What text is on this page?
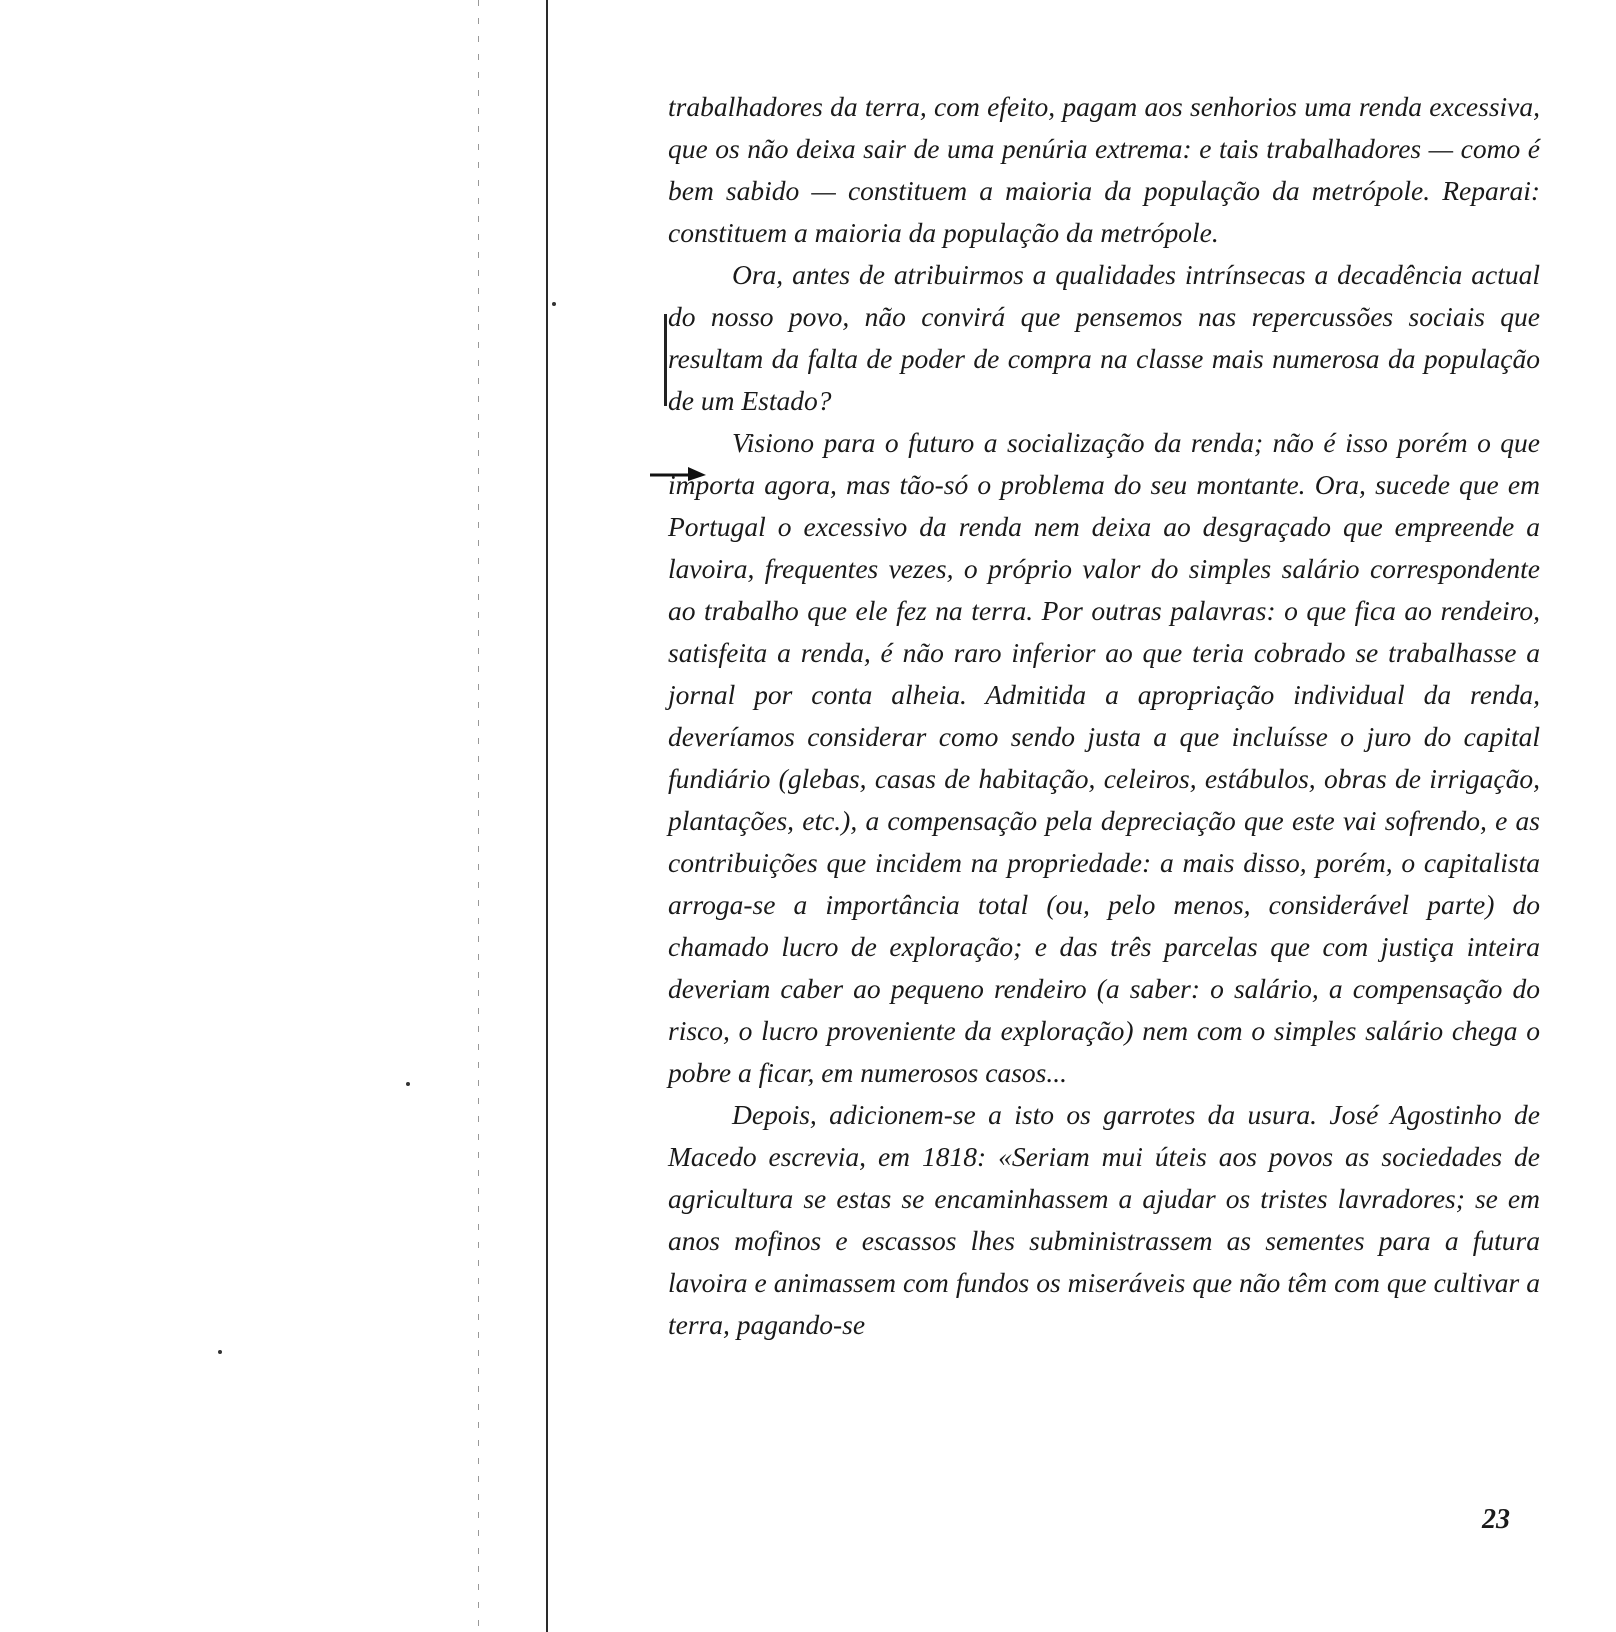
trabalhadores da terra, com efeito, pagam aos senhorios uma renda excessiva, que os não deixa sair de uma penúria extrema: e tais trabalhadores — como é bem sabido — constituem a maioria da população da metrópole. Reparai: constituem a maioria da população da metrópole.

Ora, antes de atribuirmos a qualidades intrínsecas a decadência actual do nosso povo, não convirá que pensemos nas repercussões sociais que resultam da falta de poder de compra na classe mais numerosa da população de um Estado?

Visiono para o futuro a socialização da renda; não é isso porém o que importa agora, mas tão-só o problema do seu montante. Ora, sucede que em Portugal o excessivo da renda nem deixa ao desgraçado que empreende a lavoira, frequentes vezes, o próprio valor do simples salário correspondente ao trabalho que ele fez na terra. Por outras palavras: o que fica ao rendeiro, satisfeita a renda, é não raro inferior ao que teria cobrado se trabalhasse a jornal por conta alheia. Admitida a apropriação individual da renda, deveríamos considerar como sendo justa a que incluísse o juro do capital fundiário (glebas, casas de habitação, celeiros, estábulos, obras de irrigação, plantações, etc.), a compensação pela depreciação que este vai sofrendo, e as contribuições que incidem na propriedade: a mais disso, porém, o capitalista arroga-se a importância total (ou, pelo menos, considerável parte) do chamado lucro de exploração; e das três parcelas que com justiça inteira deveriam caber ao pequeno rendeiro (a saber: o salário, a compensação do risco, o lucro proveniente da exploração) nem com o simples salário chega o pobre a ficar, em numerosos casos...

Depois, adicionem-se a isto os garrotes da usura. José Agostinho de Macedo escrevia, em 1818: «Seriam mui úteis aos povos as sociedades de agricultura se estas se encaminhassem a ajudar os tristes lavradores; se em anos mofinos e escassos lhes subministrassem as sementes para a futura lavoira e animassem com fundos os miseráveis que não têm com que cultivar a terra, pagando-se

23
